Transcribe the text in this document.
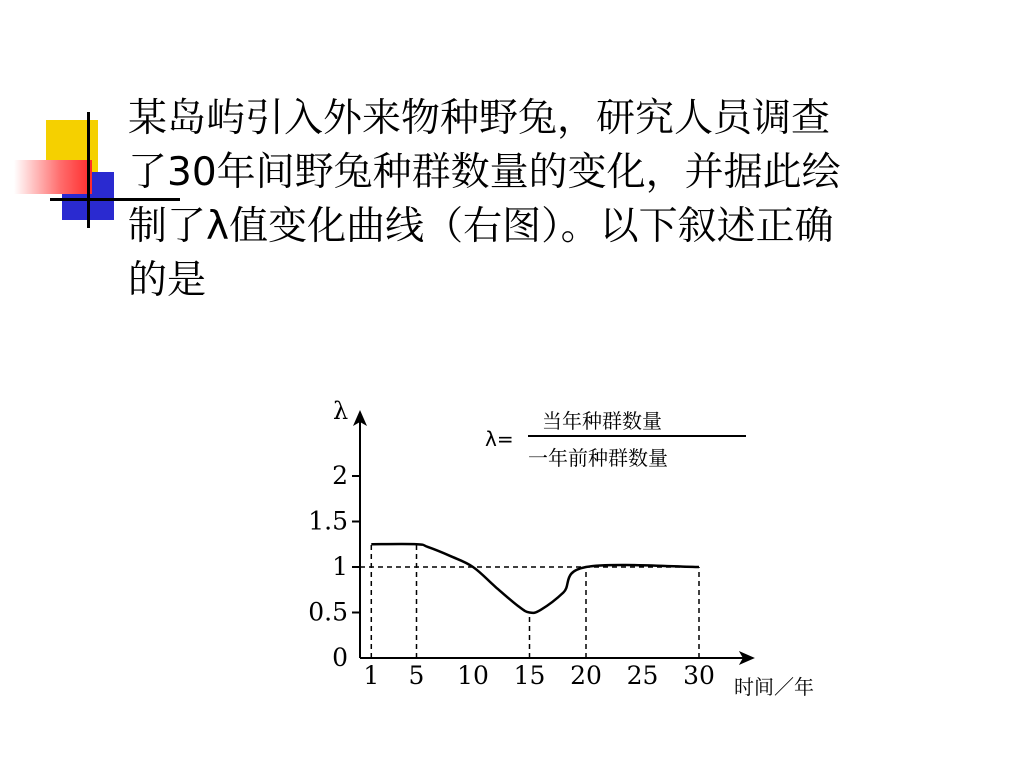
某岛屿引入外来物种野兔，研究人员调查
了30年间野兔种群数量的变化，并据此绘
制了λ值变化曲线（右图）。以下叙述正确
的是
0
0.5
1
1.5
2
1 5 10 15 20 25 30
λ
时间／年
λ=
当年种群数量
一年前种群数量
